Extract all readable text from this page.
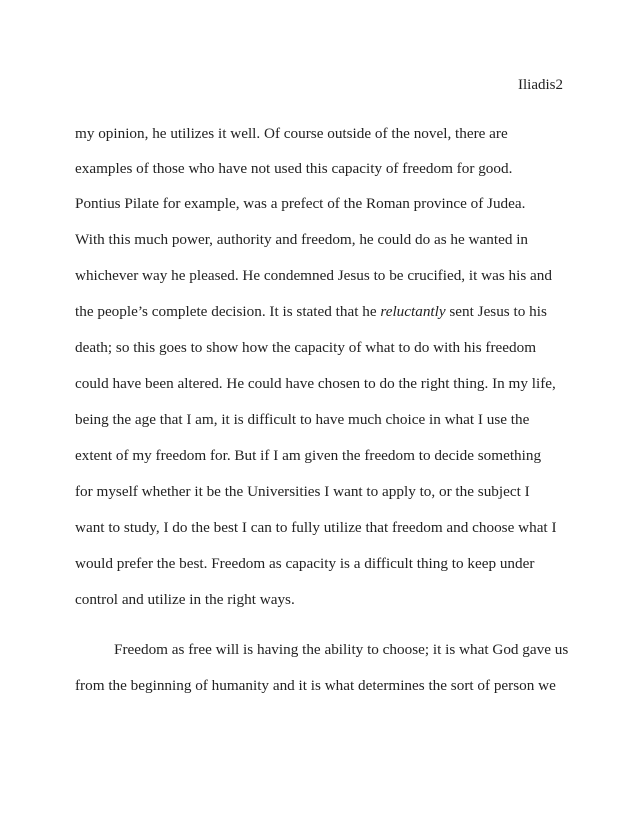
Iliadis2
my opinion, he utilizes it well. Of course outside of the novel, there are
examples of those who have not used this capacity of freedom for good.
Pontius Pilate for example, was a prefect of the Roman province of Judea.
With this much power, authority and freedom, he could do as he wanted in
whichever way he pleased. He condemned Jesus to be crucified, it was his and
the people’s complete decision. It is stated that he reluctantly sent Jesus to his
death; so this goes to show how the capacity of what to do with his freedom
could have been altered. He could have chosen to do the right thing. In my life,
being the age that I am, it is difficult to have much choice in what I use the
extent of my freedom for. But if I am given the freedom to decide something
for myself whether it be the Universities I want to apply to, or the subject I
want to study, I do the best I can to fully utilize that freedom and choose what I
would prefer the best. Freedom as capacity is a difficult thing to keep under
control and utilize in the right ways.
Freedom as free will is having the ability to choose; it is what God gave us
from the beginning of humanity and it is what determines the sort of person we
